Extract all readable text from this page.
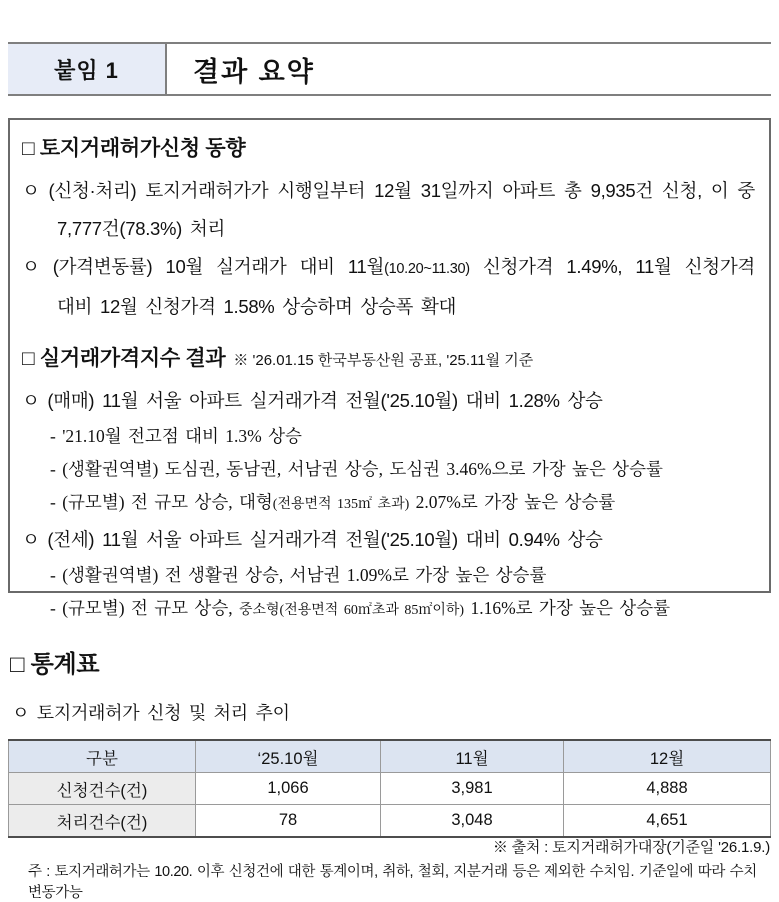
붙임 1	결과 요약
□ 토지거래허가신청 동향
ㅇ (신청·처리) 토지거래허가가 시행일부터 12월 31일까지 아파트 총 9,935건 신청, 이 중
7,777건(78.3%) 처리
ㅇ (가격변동률) 10월 실거래가 대비 11월(10.20~11.30) 신청가격 1.49%, 11월 신청가격
대비 12월 신청가격 1.58% 상승하며 상승폭 확대
□ 실거래가격지수 결과 ※ '26.01.15 한국부동산원 공표, '25.11월 기준
ㅇ (매매) 11월 서울 아파트 실거래가격 전월('25.10월) 대비 1.28% 상승
- '21.10월 전고점 대비 1.3% 상승
- (생활권역별) 도심권, 동남권, 서남권 상승, 도심권 3.46%으로 가장 높은 상승률
- (규모별) 전 규모 상승, 대형(전용면적 135㎡ 초과) 2.07%로 가장 높은 상승률
ㅇ (전세) 11월 서울 아파트 실거래가격 전월('25.10월) 대비 0.94% 상승
- (생활권역별) 전 생활권 상승, 서남권 1.09%로 가장 높은 상승률
- (규모별) 전 규모 상승, 중소형(전용면적 60㎡초과 85㎡이하) 1.16%로 가장 높은 상승률
□ 통계표
ㅇ 토지거래허가 신청 및 처리 추이
구분	‘25.10월	11월	12월
신청건수(건)	1,066	3,981	4,888
처리건수(건)	78	3,048	4,651
※ 출처 : 토지거래허가대장(기준일 '26.1.9.)
주 : 토지거래허가는 10.20. 이후 신청건에 대한 통계이며, 취하, 철회, 지분거래 등은 제외한 수치임. 기준일에 따라 수치 변동가능
